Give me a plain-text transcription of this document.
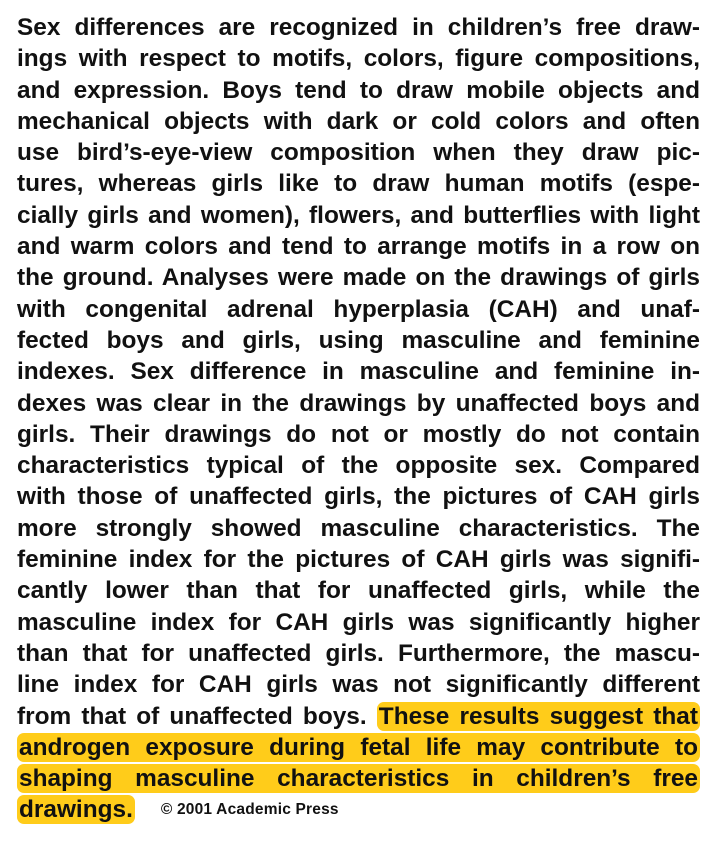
Sex differences are recognized in children’s free draw-
ings with respect to motifs, colors, figure compositions,
and expression. Boys tend to draw mobile objects and
mechanical objects with dark or cold colors and often
use bird’s-eye-view composition when they draw pic-
tures, whereas girls like to draw human motifs (espe-
cially girls and women), flowers, and butterflies with light
and warm colors and tend to arrange motifs in a row on
the ground. Analyses were made on the drawings of girls
with congenital adrenal hyperplasia (CAH) and unaf-
fected boys and girls, using masculine and feminine
indexes. Sex difference in masculine and feminine in-
dexes was clear in the drawings by unaffected boys and
girls. Their drawings do not or mostly do not contain
characteristics typical of the opposite sex. Compared
with those of unaffected girls, the pictures of CAH girls
more strongly showed masculine characteristics. The
feminine index for the pictures of CAH girls was signifi-
cantly lower than that for unaffected girls, while the
masculine index for CAH girls was significantly higher
than that for unaffected girls. Furthermore, the mascu-
line index for CAH girls was not significantly different
from that of unaffected boys. These results suggest that
androgen exposure during fetal life may contribute to
shaping masculine characteristics in children’s free
drawings. © 2001 Academic Press
